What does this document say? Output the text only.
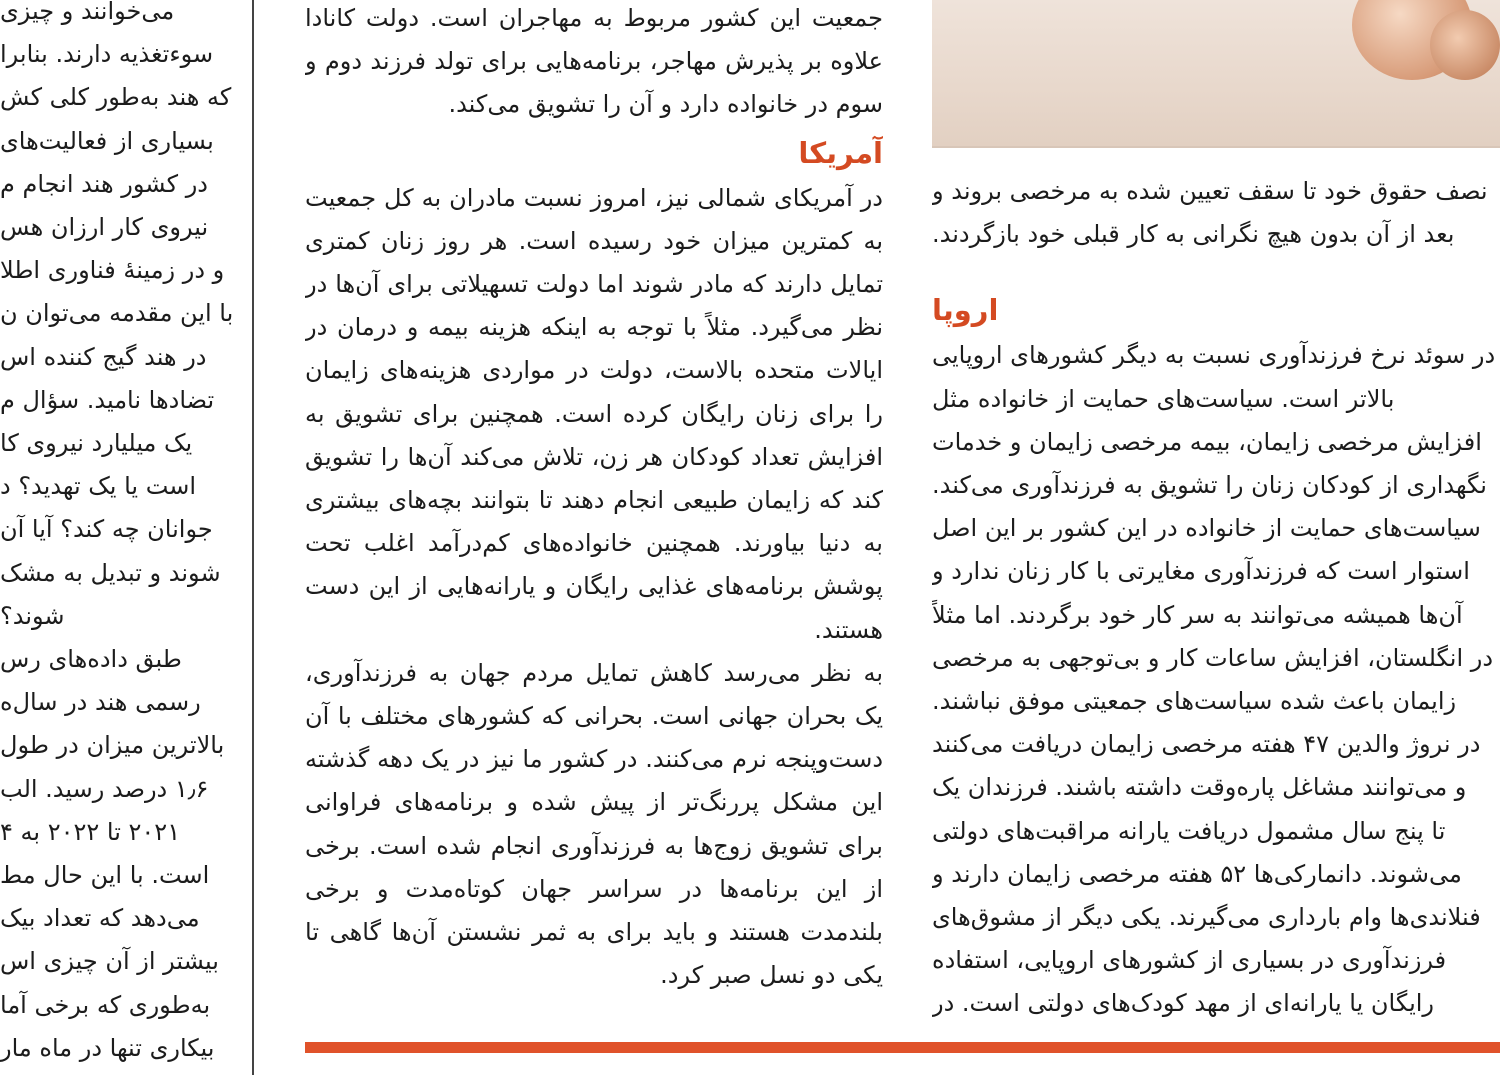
می‌خوانند و چیزی
سوءتغذیه دارند. بنابرا
که هند به‌طور کلی کش
بسیاری از فعالیت‌های
در کشور هند انجام م
نیروی کار ارزان هس
و در زمینهٔ فناوری اطلا
با این مقدمه می‌توان ن
در هند گیج کننده اس
تضادها نامید. سؤال م
یک میلیارد نیروی کا
است یا یک تهدید؟ د
جوانان چه کند؟ آیا آن
شوند و تبدیل به مشک
شوند؟
طبق داده‌های رس
رسمی هند در سال‌ه
بالاترین میزان در طول
۱٫۶ درصد رسید. الب
۲۰۲۱ تا ۲۰۲۲ به ۴
است. با این حال مط
می‌دهد که تعداد بیک
بیشتر از آن چیزی اس
به‌طوری که برخی آما
بیکاری تنها در ماه مار

جمعیت این کشور مربوط به مهاجران است. دولت کانادا علاوه بر پذیرش مهاجر، برنامه‌هایی برای تولد فرزند دوم و سوم در خانواده دارد و آن را تشویق می‌کند.

آمریکا

در آمریکای شمالی نیز، امروز نسبت مادران به کل جمعیت به کمترین میزان خود رسیده است. هر روز زنان کمتری تمایل دارند که مادر شوند اما دولت تسهیلاتی برای آن‌ها در نظر می‌گیرد. مثلاً با توجه به اینکه هزینه بیمه و درمان در ایالات متحده بالاست، دولت در مواردی هزینه‌های زایمان را برای زنان رایگان کرده است. همچنین برای تشویق به افزایش تعداد کودکان هر زن، تلاش می‌کند آن‌ها را تشویق کند که زایمان طبیعی انجام دهند تا بتوانند بچه‌های بیشتری به دنیا بیاورند. همچنین خانواده‌های کم‌درآمد اغلب تحت پوشش برنامه‌های غذایی رایگان و یارانه‌هایی از این دست هستند.

به نظر می‌رسد کاهش تمایل مردم جهان به فرزندآوری، یک بحران جهانی است. بحرانی که کشورهای مختلف با آن دست‌وپنجه نرم می‌کنند. در کشور ما نیز در یک دهه گذشته این مشکل پررنگ‌تر از پیش شده و برنامه‌های فراوانی برای تشویق زوج‌ها به فرزندآوری انجام شده است. برخی از این برنامه‌ها در سراسر جهان کوتاه‌مدت و برخی بلندمدت هستند و باید برای به ثمر نشستن آن‌ها گاهی تا یکی دو نسل صبر کرد.

نصف حقوق خود تا سقف تعیین شده به مرخصی بروند و
بعد از آن بدون هیچ نگرانی به کار قبلی خود بازگردند.
اروپا
در سوئد نرخ فرزندآوری نسبت به دیگر کشورهای اروپایی
بالاتر است. سیاست‌های حمایت از خانواده مثل
افزایش مرخصی زایمان، بیمه مرخصی زایمان و خدمات
نگهداری از کودکان زنان را تشویق به فرزندآوری می‌کند.
سیاست‌های حمایت از خانواده در این کشور بر این اصل
استوار است که فرزندآوری مغایرتی با کار زنان ندارد و
آن‌ها همیشه می‌توانند به سر کار خود برگردند. اما مثلاً
در انگلستان، افزایش ساعات کار و بی‌توجهی به مرخصی
زایمان باعث شده سیاست‌های جمعیتی موفق نباشند.
در نروژ والدین ۴۷ هفته مرخصی زایمان دریافت می‌کنند
و می‌توانند مشاغل پاره‌وقت داشته باشند. فرزندان یک
تا پنج سال مشمول دریافت یارانه مراقبت‌های دولتی
می‌شوند. دانمارکی‌ها ۵۲ هفته مرخصی زایمان دارند و
فنلاندی‌ها وام بارداری می‌گیرند. یکی دیگر از مشوق‌های
فرزندآوری در بسیاری از کشورهای اروپایی، استفاده
رایگان یا یارانه‌ای از مهد کودک‌های دولتی است. در
